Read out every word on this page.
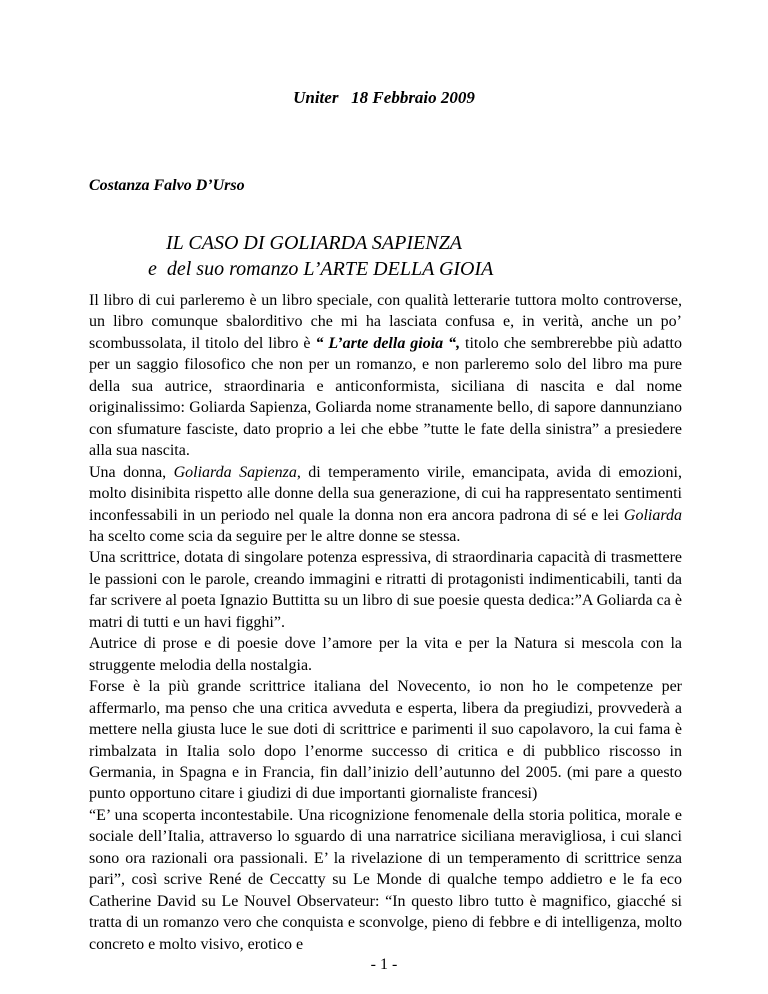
Uniter   18 Febbraio 2009
Costanza Falvo D’Urso
IL CASO DI GOLIARDA SAPIENZA
e  del suo romanzo L’ARTE DELLA GIOIA

Il libro di cui parleremo è un libro speciale, con qualità letterarie tuttora molto controverse, un libro comunque sbalorditivo che mi ha lasciata confusa e, in verità, anche un po’ scombussolata, il titolo del libro è “ L’arte della gioia “, titolo che sembrerebbe più adatto per un saggio filosofico che non per un romanzo, e non parleremo solo del libro ma pure della sua autrice, straordinaria e anticonformista, siciliana di nascita e dal nome originalissimo: Goliarda Sapienza, Goliarda nome stranamente bello, di sapore dannunziano con sfumature fasciste, dato proprio a lei che ebbe ”tutte le fate della sinistra” a presiedere alla sua nascita.

Una donna, Goliarda Sapienza, di temperamento virile, emancipata, avida di emozioni, molto disinibita rispetto alle donne della sua generazione, di cui ha rappresentato sentimenti inconfessabili in un periodo nel quale la donna non era ancora padrona di sé e lei Goliarda ha scelto come scia da seguire per le altre donne se stessa.

Una scrittrice, dotata di singolare potenza espressiva, di straordinaria capacità di trasmettere le passioni con le parole, creando immagini e ritratti di protagonisti indimenticabili, tanti da far scrivere al poeta Ignazio Buttitta su un libro di sue poesie questa dedica:”A Goliarda ca è matri di tutti e un havi figghi”.

Autrice di prose e di poesie dove l’amore per la vita e per la Natura si mescola con la struggente melodia della nostalgia.

Forse è la più grande scrittrice italiana del Novecento, io non ho le competenze per affermarlo, ma penso che una critica avveduta e esperta, libera da pregiudizi, provvederà a mettere nella giusta luce le sue doti di scrittrice e parimenti il suo capolavoro, la cui fama è rimbalzata in Italia solo dopo l’enorme successo di critica e di pubblico riscosso in Germania, in Spagna e in Francia, fin dall’inizio dell’autunno del 2005. (mi pare a questo punto opportuno citare i giudizi di due importanti giornaliste francesi)

“E’ una scoperta incontestabile. Una ricognizione fenomenale della storia politica, morale e sociale dell’Italia, attraverso lo sguardo di una narratrice siciliana meravigliosa, i cui slanci sono ora razionali ora passionali. E’ la rivelazione di un temperamento di scrittrice senza pari”, così scrive René de Ceccatty su Le Monde di qualche tempo addietro e le fa eco Catherine David su Le Nouvel Observateur: “In questo libro tutto è magnifico, giacché si tratta di un romanzo vero che conquista e sconvolge, pieno di febbre e di intelligenza, molto concreto e molto visivo, erotico e

- 1 -
